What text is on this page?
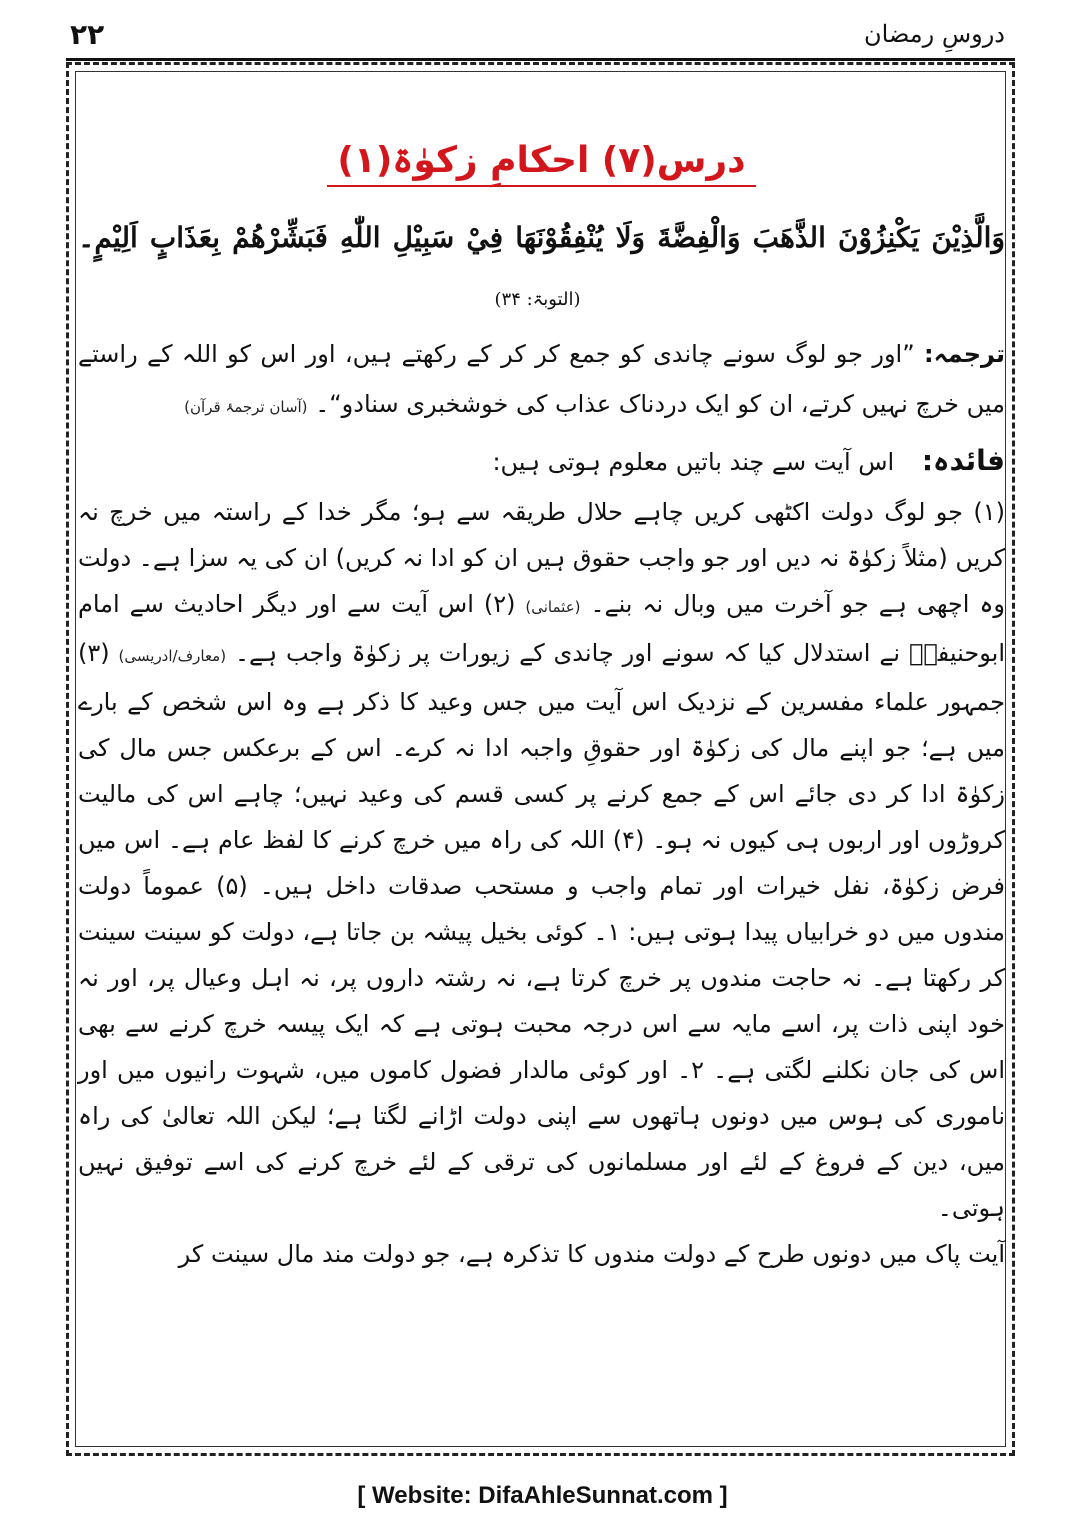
۲۲	دروسِ رمضان
درس(۷) احکامِ زکوٰۃ(۱)
وَالَّذِيْنَ يَكْنِزُوْنَ الذَّهَبَ وَالْفِضَّةَ وَلَا يُنْفِقُوْنَهَا فِيْ سَبِيْلِ اللّٰهِ فَبَشِّرْهُمْ بِعَذَابٍ اَلِيْمٍ۔ (التوبۃ: ۳۴)

ترجمہ: ”اور جو لوگ سونے چاندی کو جمع کر کر کے رکھتے ہیں، اور اس کو اللہ کے راستے میں خرچ نہیں کرتے، ان کو ایک دردناک عذاب کی خوشخبری سنادو“۔ (آسان ترجمۂ قرآن)

فائدہ: اس آیت سے چند باتیں معلوم ہوتی ہیں:

(۱) جو لوگ دولت اکٹھی کریں چاہے حلال طریقہ سے ہو؛ مگر خدا کے راستہ میں خرچ نہ کریں (مثلاً زکوٰۃ نہ دیں اور جو واجب حقوق ہیں ان کو ادا نہ کریں) ان کی یہ سزا ہے۔ دولت وہ اچھی ہے جو آخرت میں وبال نہ بنے۔ (عثمانی) (۲) اس آیت سے اور دیگر احادیث سے امام ابوحنیفہؒ نے استدلال کیا کہ سونے اور چاندی کے زیورات پر زکوٰۃ واجب ہے۔ (معارف/ادریسی) (۳) جمہور علماء مفسرین کے نزدیک اس آیت میں جس وعید کا ذکر ہے وہ اس شخص کے بارے میں ہے؛ جو اپنے مال کی زکوٰۃ اور حقوقِ واجبہ ادا نہ کرے۔ اس کے برعکس جس مال کی زکوٰۃ ادا کر دی جائے اس کے جمع کرنے پر کسی قسم کی وعید نہیں؛ چاہے اس کی مالیت کروڑوں اور اربوں ہی کیوں نہ ہو۔ (۴) اللہ کی راہ میں خرچ کرنے کا لفظ عام ہے۔ اس میں فرض زکوٰۃ، نفل خیرات اور تمام واجب و مستحب صدقات داخل ہیں۔ (۵) عموماً دولت مندوں میں دو خرابیاں پیدا ہوتی ہیں: ۱۔ کوئی بخیل پیشہ بن جاتا ہے، دولت کو سینت سینت کر رکھتا ہے۔ نہ حاجت مندوں پر خرچ کرتا ہے، نہ رشتہ داروں پر، نہ اہل وعیال پر، اور نہ خود اپنی ذات پر، اسے مایہ سے اس درجہ محبت ہوتی ہے کہ ایک پیسہ خرچ کرنے سے بھی اس کی جان نکلنے لگتی ہے۔ ۲۔ اور کوئی مالدار فضول کاموں میں، شہوت رانیوں میں اور ناموری کی ہوس میں دونوں ہاتھوں سے اپنی دولت اڑانے لگتا ہے؛ لیکن اللہ تعالیٰ کی راہ میں، دین کے فروغ کے لئے اور مسلمانوں کی ترقی کے لئے خرچ کرنے کی اسے توفیق نہیں ہوتی۔

آیت پاک میں دونوں طرح کے دولت مندوں کا تذکرہ ہے، جو دولت مند مال سینت کر

[ Website: DifaAhleSunnat.com ]
